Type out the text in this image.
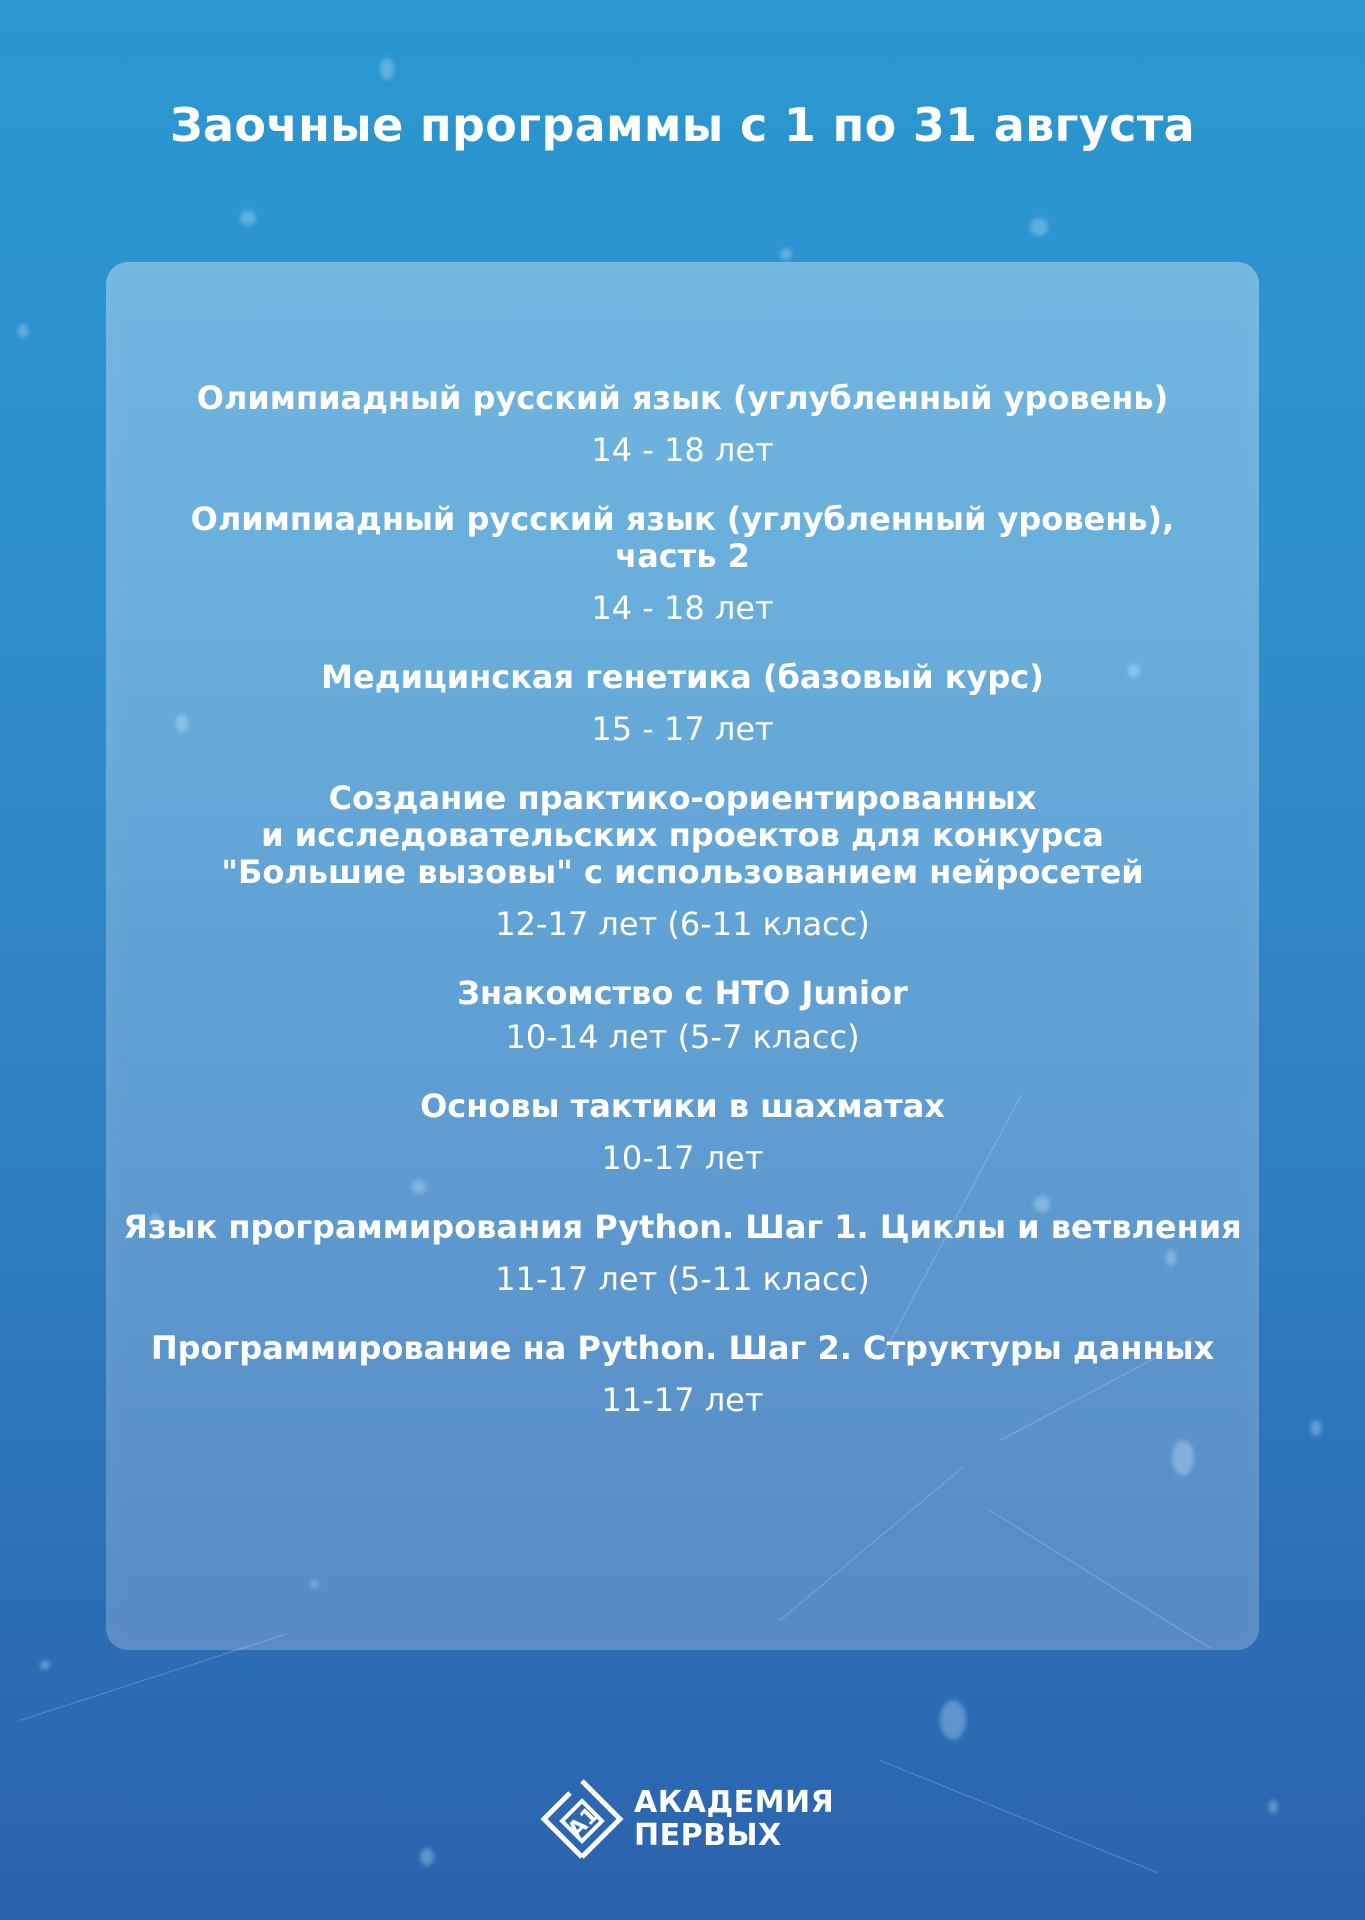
Заочные программы с 1 по 31 августа
Олимпиадный русский язык (углубленный уровень)
14 - 18 лет
Олимпиадный русский язык (углубленный уровень),
часть 2
14 - 18 лет
Медицинская генетика (базовый курс)
15 - 17 лет
Создание практико-ориентированных
и исследовательских проектов для конкурса
"Большие вызовы" с использованием нейросетей
12-17 лет (6-11 класс)
Знакомство с НТО Junior
10-14 лет (5-7 класс)
Основы тактики в шахматах
10-17 лет
Язык программирования Python. Шаг 1. Циклы и ветвления
11-17 лет (5-11 класс)
Программирование на Python. Шаг 2. Структуры данных
11-17 лет
A1 АКАДЕМИЯ
ПЕРВЫХ
